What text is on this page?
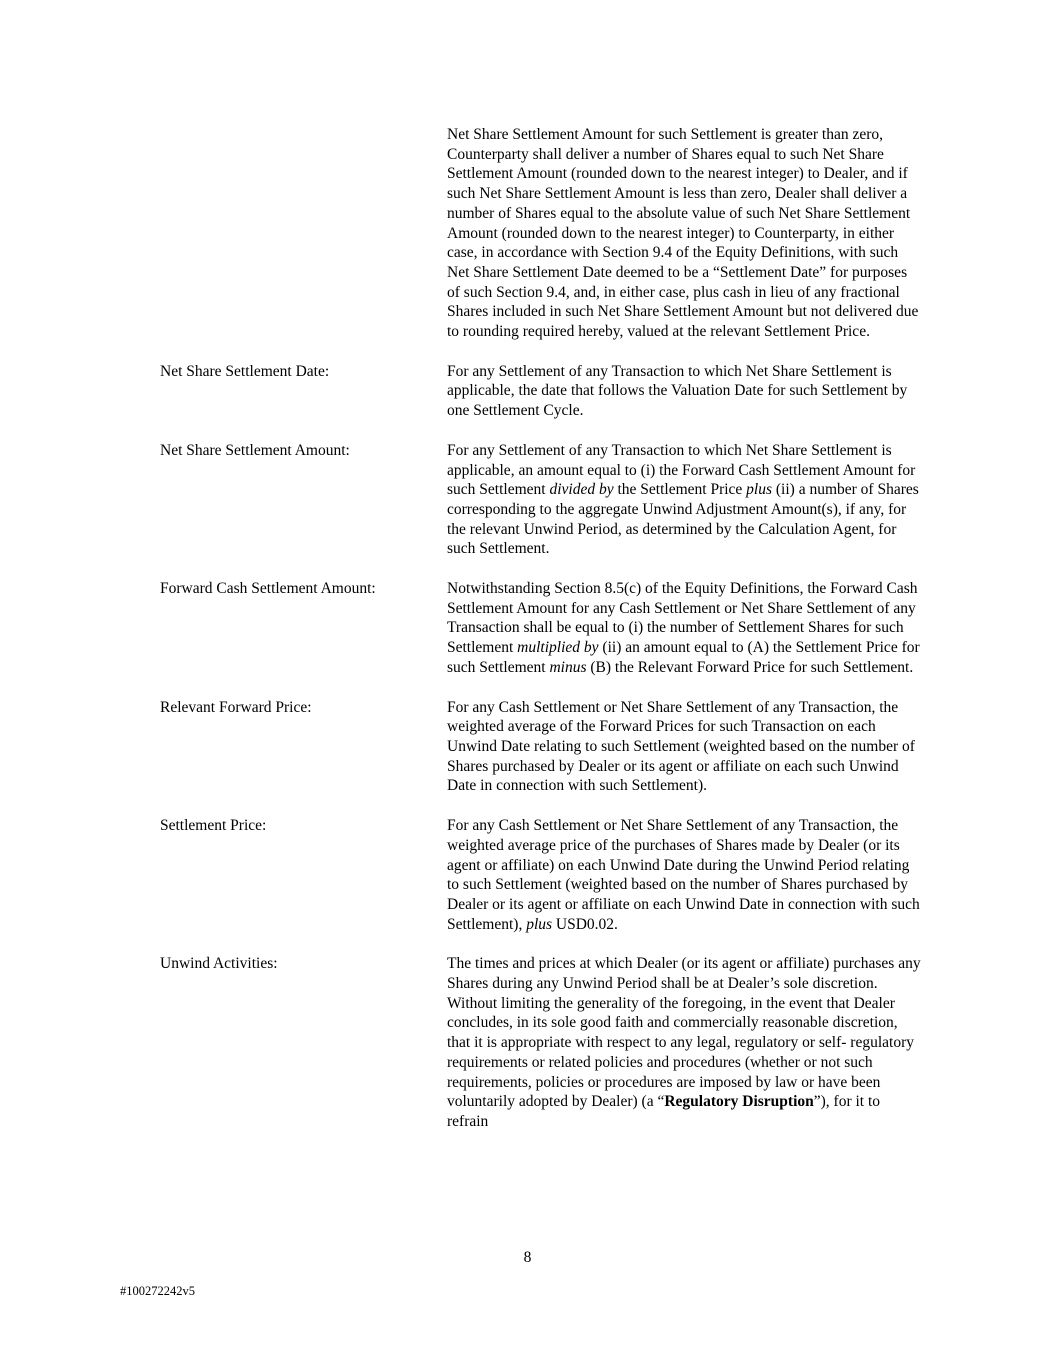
Net Share Settlement Amount for such Settlement is greater than zero, Counterparty shall deliver a number of Shares equal to such Net Share Settlement Amount (rounded down to the nearest integer) to Dealer, and if such Net Share Settlement Amount is less than zero, Dealer shall deliver a number of Shares equal to the absolute value of such Net Share Settlement Amount (rounded down to the nearest integer) to Counterparty, in either case, in accordance with Section 9.4 of the Equity Definitions, with such Net Share Settlement Date deemed to be a “Settlement Date” for purposes of such Section 9.4, and, in either case, plus cash in lieu of any fractional Shares included in such Net Share Settlement Amount but not delivered due to rounding required hereby, valued at the relevant Settlement Price.
Net Share Settlement Date:	For any Settlement of any Transaction to which Net Share Settlement is applicable, the date that follows the Valuation Date for such Settlement by one Settlement Cycle.
Net Share Settlement Amount:	For any Settlement of any Transaction to which Net Share Settlement is applicable, an amount equal to (i) the Forward Cash Settlement Amount for such Settlement divided by the Settlement Price plus (ii) a number of Shares corresponding to the aggregate Unwind Adjustment Amount(s), if any, for the relevant Unwind Period, as determined by the Calculation Agent, for such Settlement.
Forward Cash Settlement Amount:	Notwithstanding Section 8.5(c) of the Equity Definitions, the Forward Cash Settlement Amount for any Cash Settlement or Net Share Settlement of any Transaction shall be equal to (i) the number of Settlement Shares for such Settlement multiplied by (ii) an amount equal to (A) the Settlement Price for such Settlement minus (B) the Relevant Forward Price for such Settlement.
Relevant Forward Price:	For any Cash Settlement or Net Share Settlement of any Transaction, the weighted average of the Forward Prices for such Transaction on each Unwind Date relating to such Settlement (weighted based on the number of Shares purchased by Dealer or its agent or affiliate on each such Unwind Date in connection with such Settlement).
Settlement Price:	For any Cash Settlement or Net Share Settlement of any Transaction, the weighted average price of the purchases of Shares made by Dealer (or its agent or affiliate) on each Unwind Date during the Unwind Period relating to such Settlement (weighted based on the number of Shares purchased by Dealer or its agent or affiliate on each Unwind Date in connection with such Settlement), plus USD0.02.
Unwind Activities:	The times and prices at which Dealer (or its agent or affiliate) purchases any Shares during any Unwind Period shall be at Dealer’s sole discretion.  Without limiting the generality of the foregoing, in the event that Dealer concludes, in its sole good faith and commercially reasonable discretion, that it is appropriate with respect to any legal, regulatory or self- regulatory requirements or related policies and procedures (whether or not such requirements, policies or procedures are imposed by law or have been voluntarily adopted by Dealer) (a “Regulatory Disruption”), for it to refrain
8
#100272242v5
